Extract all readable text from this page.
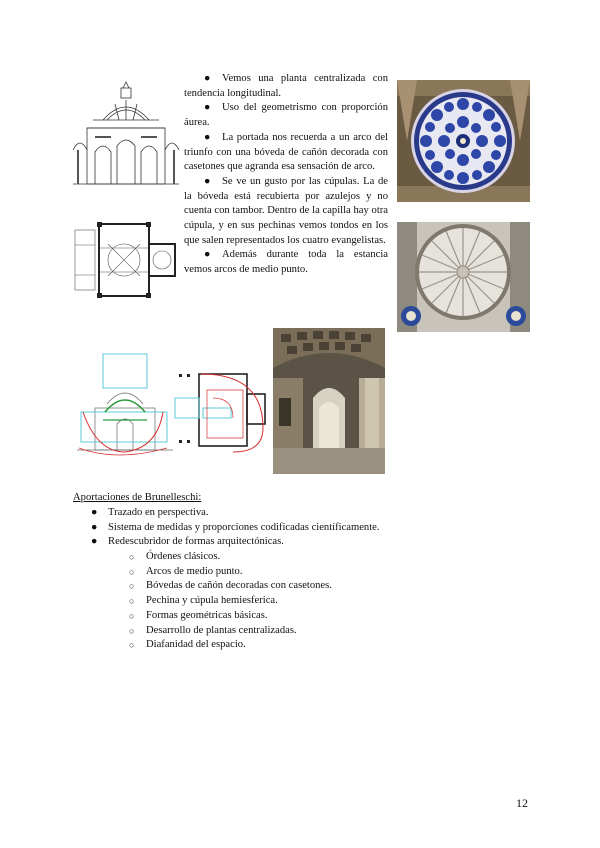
● Vemos una planta centralizada con tendencia longitudinal.

● Uso del geometrismo con proporción áurea.

● La portada nos recuerda a un arco del triunfo con una bóveda de cañón decorada con casetones que agranda esa sensación de arco.

● Se ve un gusto por las cúpulas. La de la bóveda está recubierta por azulejos y no cuenta con tambor. Dentro de la capilla hay otra cúpula, y en sus pechinas vemos tondos en los que salen representados los cuatro evangelistas.

● Además durante toda la estancia vemos arcos de medio punto.

Aportaciones de Brunelleschi:
● Trazado en perspectiva.
● Sistema de medidas y proporciones codificadas científicamente.
● Redescubridor de formas arquitectónicas.
○ Órdenes clásicos.
○ Arcos de medio punto.
○ Bóvedas de cañón decoradas con casetones.
○ Pechina y cúpula hemiesferica.
○ Formas geométricas básicas.
○ Desarrollo de plantas centralizadas.
○ Diafanidad del espacio.
12
